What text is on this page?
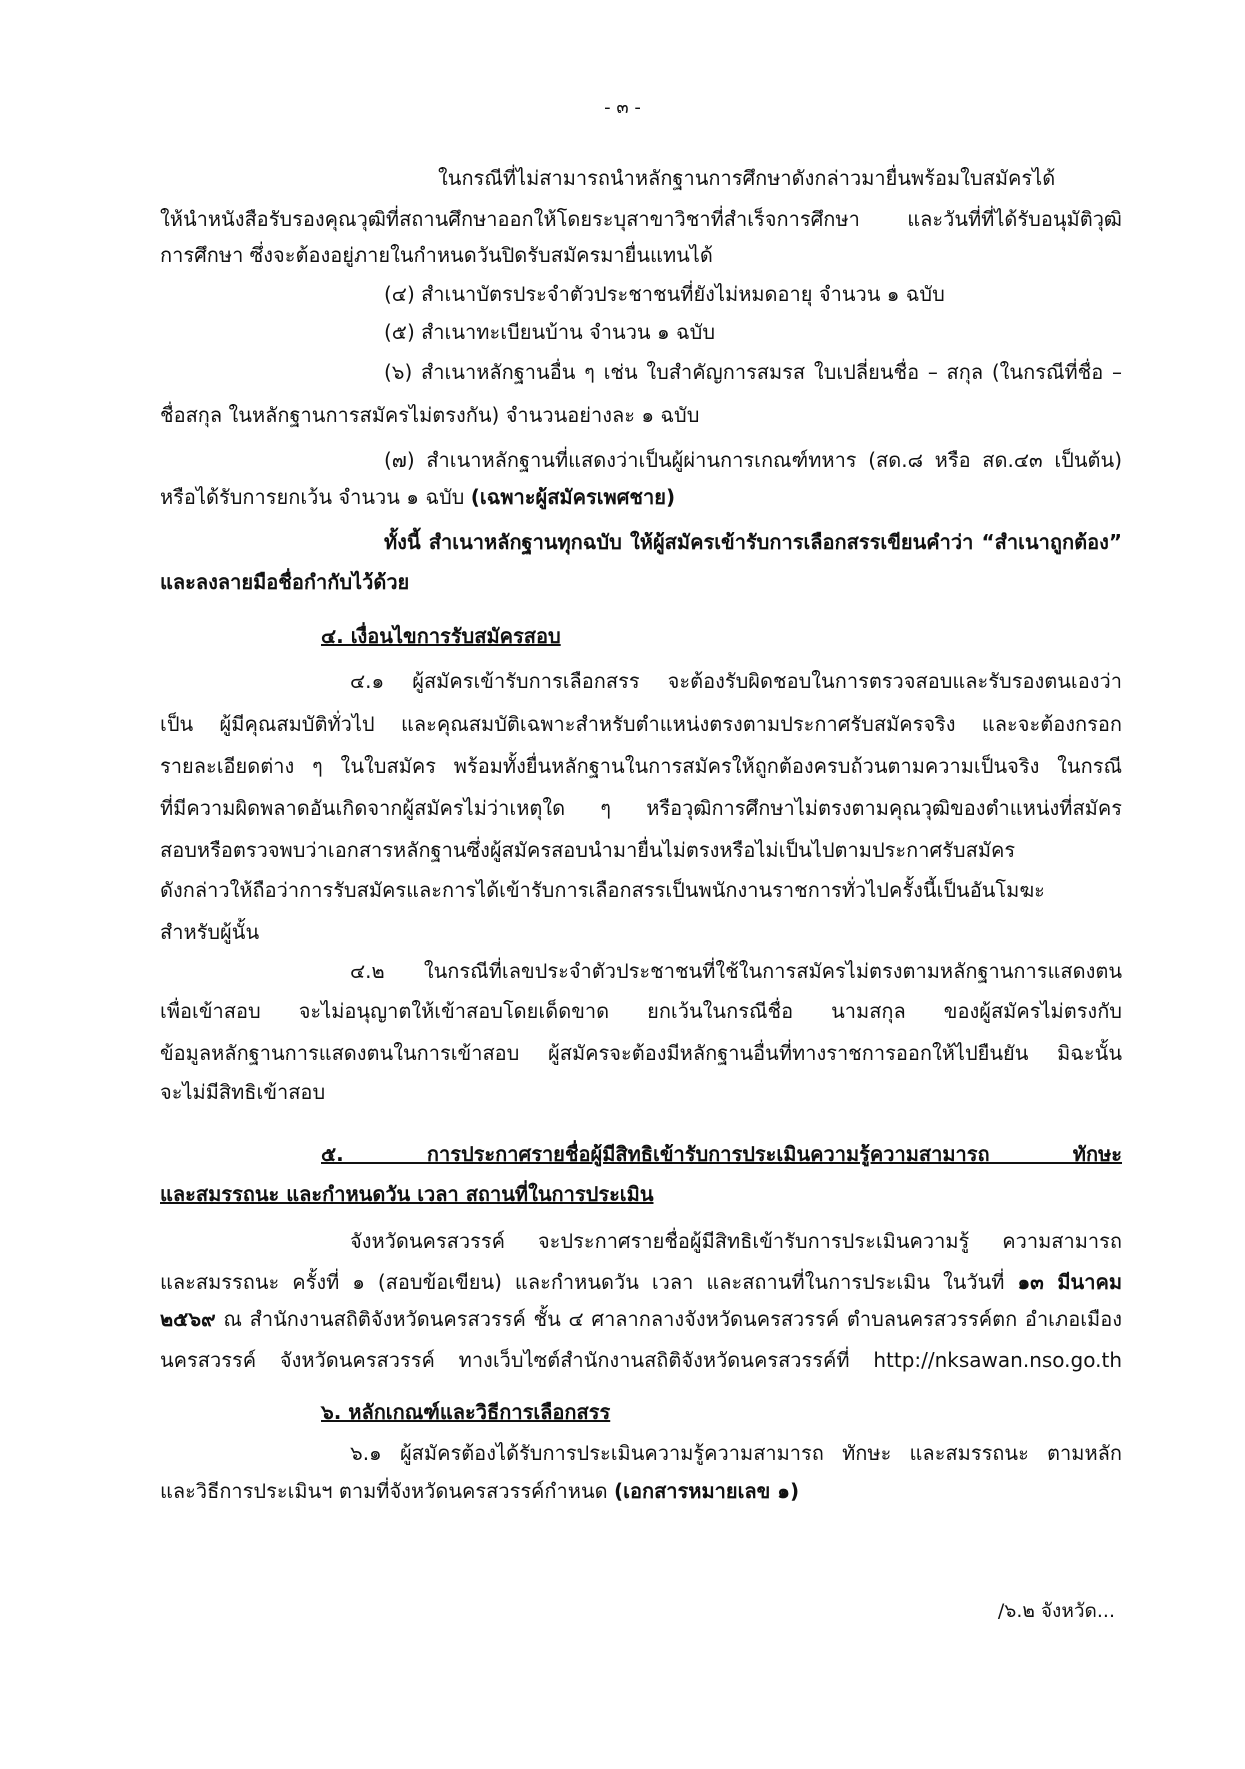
- ๓ -
ในกรณีที่ไม่สามารถนำหลักฐานการศึกษาดังกล่าวมายื่นพร้อมใบสมัครได้
ให้นำหนังสือรับรองคุณวุฒิที่สถานศึกษาออกให้โดยระบุสาขาวิชาที่สำเร็จการศึกษา และวันที่ที่ได้รับอนุมัติวุฒิ
การศึกษา ซึ่งจะต้องอยู่ภายในกำหนดวันปิดรับสมัครมายื่นแทนได้
(๔) สำเนาบัตรประจำตัวประชาชนที่ยังไม่หมดอายุ จำนวน ๑ ฉบับ
(๕) สำเนาทะเบียนบ้าน จำนวน ๑ ฉบับ
(๖) สำเนาหลักฐานอื่น ๆ เช่น ใบสำคัญการสมรส ใบเปลี่ยนชื่อ – สกุล (ในกรณีที่ชื่อ –
ชื่อสกุล ในหลักฐานการสมัครไม่ตรงกัน) จำนวนอย่างละ ๑ ฉบับ
(๗) สำเนาหลักฐานที่แสดงว่าเป็นผู้ผ่านการเกณฑ์ทหาร (สด.๘ หรือ สด.๔๓ เป็นต้น)
หรือได้รับการยกเว้น จำนวน ๑ ฉบับ (เฉพาะผู้สมัครเพศชาย)
ทั้งนี้ สำเนาหลักฐานทุกฉบับ ให้ผู้สมัครเข้ารับการเลือกสรรเขียนคำว่า “สำเนาถูกต้อง”
และลงลายมือชื่อกำกับไว้ด้วย
๔. เงื่อนไขการรับสมัครสอบ
๔.๑ ผู้สมัครเข้ารับการเลือกสรร จะต้องรับผิดชอบในการตรวจสอบและรับรองตนเองว่า
เป็น ผู้มีคุณสมบัติทั่วไป และคุณสมบัติเฉพาะสำหรับตำแหน่งตรงตามประกาศรับสมัครจริง และจะต้องกรอก
รายละเอียดต่าง ๆ ในใบสมัคร พร้อมทั้งยื่นหลักฐานในการสมัครให้ถูกต้องครบถ้วนตามความเป็นจริง ในกรณี
ที่มีความผิดพลาดอันเกิดจากผู้สมัครไม่ว่าเหตุใด ๆ หรือวุฒิการศึกษาไม่ตรงตามคุณวุฒิของตำแหน่งที่สมัคร
สอบหรือตรวจพบว่าเอกสารหลักฐานซึ่งผู้สมัครสอบนำมายื่นไม่ตรงหรือไม่เป็นไปตามประกาศรับสมัคร
ดังกล่าวให้ถือว่าการรับสมัครและการได้เข้ารับการเลือกสรรเป็นพนักงานราชการทั่วไปครั้งนี้เป็นอันโมฆะ
สำหรับผู้นั้น
๔.๒ ในกรณีที่เลขประจำตัวประชาชนที่ใช้ในการสมัครไม่ตรงตามหลักฐานการแสดงตน
เพื่อเข้าสอบ จะไม่อนุญาตให้เข้าสอบโดยเด็ดขาด ยกเว้นในกรณีชื่อ นามสกุล ของผู้สมัครไม่ตรงกับ
ข้อมูลหลักฐานการแสดงตนในการเข้าสอบ ผู้สมัครจะต้องมีหลักฐานอื่นที่ทางราชการออกให้ไปยืนยัน มิฉะนั้น
จะไม่มีสิทธิเข้าสอบ
๕. การประกาศรายชื่อผู้มีสิทธิเข้ารับการประเมินความรู้ความสามารถ ทักษะ
และสมรรถนะ และกำหนดวัน เวลา สถานที่ในการประเมิน
จังหวัดนครสวรรค์ จะประกาศรายชื่อผู้มีสิทธิเข้ารับการประเมินความรู้ ความสามารถ
และสมรรถนะ ครั้งที่ ๑ (สอบข้อเขียน) และกำหนดวัน เวลา และสถานที่ในการประเมิน ในวันที่ ๑๓ มีนาคม
๒๕๖๙ ณ สำนักงานสถิติจังหวัดนครสวรรค์ ชั้น ๔ ศาลากลางจังหวัดนครสวรรค์ ตำบลนครสวรรค์ตก อำเภอเมือง
นครสวรรค์ จังหวัดนครสวรรค์ ทางเว็บไซต์สำนักงานสถิติจังหวัดนครสวรรค์ที่ http://nksawan.nso.go.th
๖. หลักเกณฑ์และวิธีการเลือกสรร
๖.๑ ผู้สมัครต้องได้รับการประเมินความรู้ความสามารถ ทักษะ และสมรรถนะ ตามหลัก
และวิธีการประเมินฯ ตามที่จังหวัดนครสวรรค์กำหนด (เอกสารหมายเลข ๑)
/๖.๒ จังหวัด...
